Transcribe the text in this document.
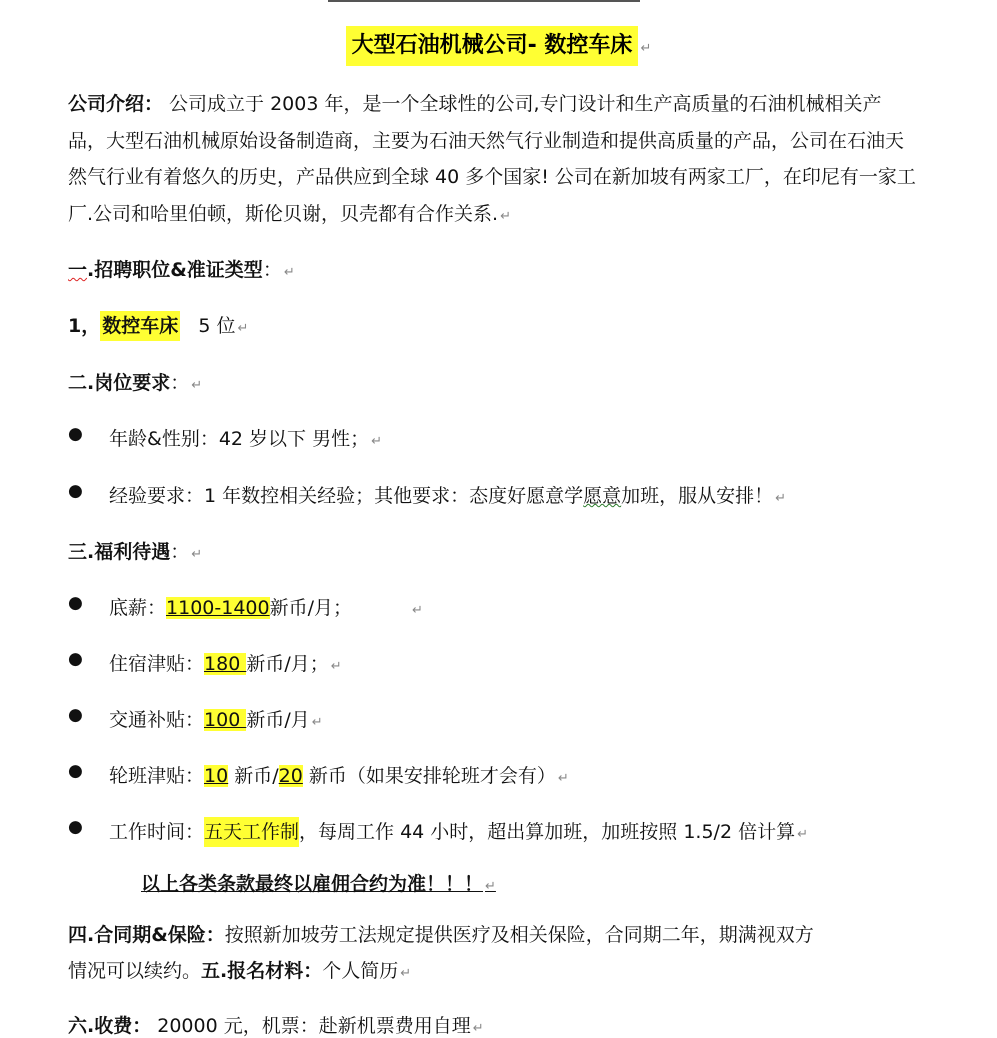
大型石油机械公司- 数控车床 ↵
公司介绍： 公司成立于 2003 年，是一个全球性的公司,专门设计和生产高质量的石油机械相关产品，大型石油机械原始设备制造商，主要为石油天然气行业制造和提供高质量的产品，公司在石油天然气行业有着悠久的历史，产品供应到全球 40 多个国家! 公司在新加坡有两家工厂，在印尼有一家工厂.公司和哈里伯顿，斯伦贝谢，贝壳都有合作关系. ↵
一.招聘职位&准证类型： ↵
1， 数控车床   5 位 ↵
二.岗位要求： ↵
● 年龄&性别：42 岁以下 男性； ↵
● 经验要求：1 年数控相关经验；其他要求：态度好愿意学愿意加班，服从安排！ ↵
三.福利待遇： ↵
● 底薪：1100-1400新币/月；	↵
● 住宿津贴：180 新币/月； ↵
● 交通补贴：100 新币/月 ↵
● 轮班津贴：10 新币/20 新币（如果安排轮班才会有） ↵
● 工作时间：五天工作制，每周工作 44 小时，超出算加班，加班按照 1.5/2 倍计算 ↵
以上各类条款最终以雇佣合约为准！！！ ↵
四.合同期&保险：按照新加坡劳工法规定提供医疗及相关保险，合同期二年，期满视双方
情况可以续约。五.报名材料：个人简历 ↵
六.收费： 20000 元，机票：赴新机票费用自理 ↵
